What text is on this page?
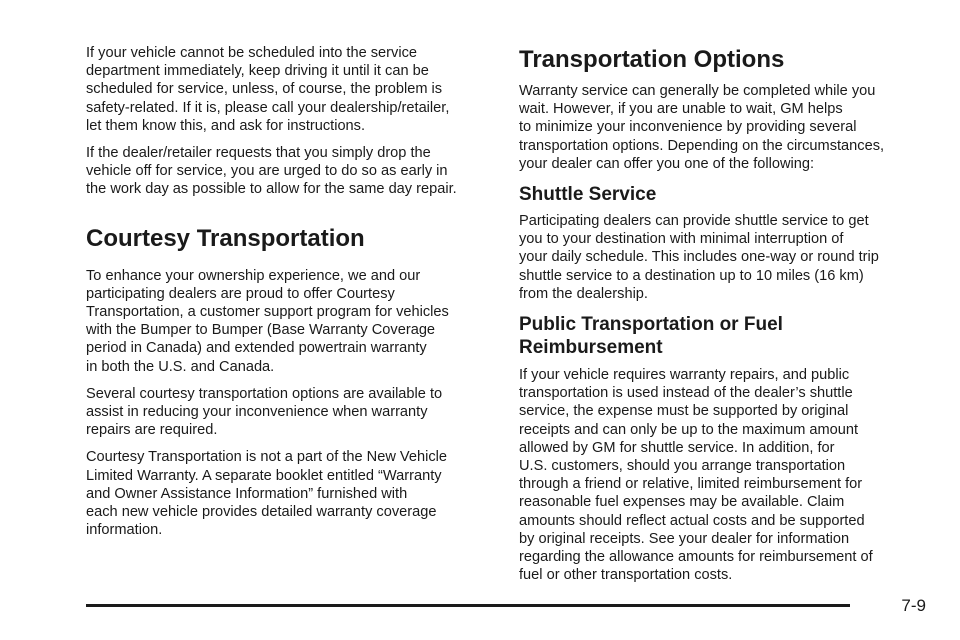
If your vehicle cannot be scheduled into the service
department immediately, keep driving it until it can be
scheduled for service, unless, of course, the problem is
safety-related. If it is, please call your dealership/retailer,
let them know this, and ask for instructions.

If the dealer/retailer requests that you simply drop the
vehicle off for service, you are urged to do so as early in
the work day as possible to allow for the same day repair.

Courtesy Transportation

To enhance your ownership experience, we and our
participating dealers are proud to offer Courtesy
Transportation, a customer support program for vehicles
with the Bumper to Bumper (Base Warranty Coverage
period in Canada) and extended powertrain warranty
in both the U.S. and Canada.

Several courtesy transportation options are available to
assist in reducing your inconvenience when warranty
repairs are required.

Courtesy Transportation is not a part of the New Vehicle
Limited Warranty. A separate booklet entitled “Warranty
and Owner Assistance Information” furnished with
each new vehicle provides detailed warranty coverage
information.

Transportation Options

Warranty service can generally be completed while you
wait. However, if you are unable to wait, GM helps
to minimize your inconvenience by providing several
transportation options. Depending on the circumstances,
your dealer can offer you one of the following:

Shuttle Service

Participating dealers can provide shuttle service to get
you to your destination with minimal interruption of
your daily schedule. This includes one-way or round trip
shuttle service to a destination up to 10 miles (16 km)
from the dealership.

Public Transportation or Fuel
Reimbursement

If your vehicle requires warranty repairs, and public
transportation is used instead of the dealer’s shuttle
service, the expense must be supported by original
receipts and can only be up to the maximum amount
allowed by GM for shuttle service. In addition, for
U.S. customers, should you arrange transportation
through a friend or relative, limited reimbursement for
reasonable fuel expenses may be available. Claim
amounts should reflect actual costs and be supported
by original receipts. See your dealer for information
regarding the allowance amounts for reimbursement of
fuel or other transportation costs.

7-9
